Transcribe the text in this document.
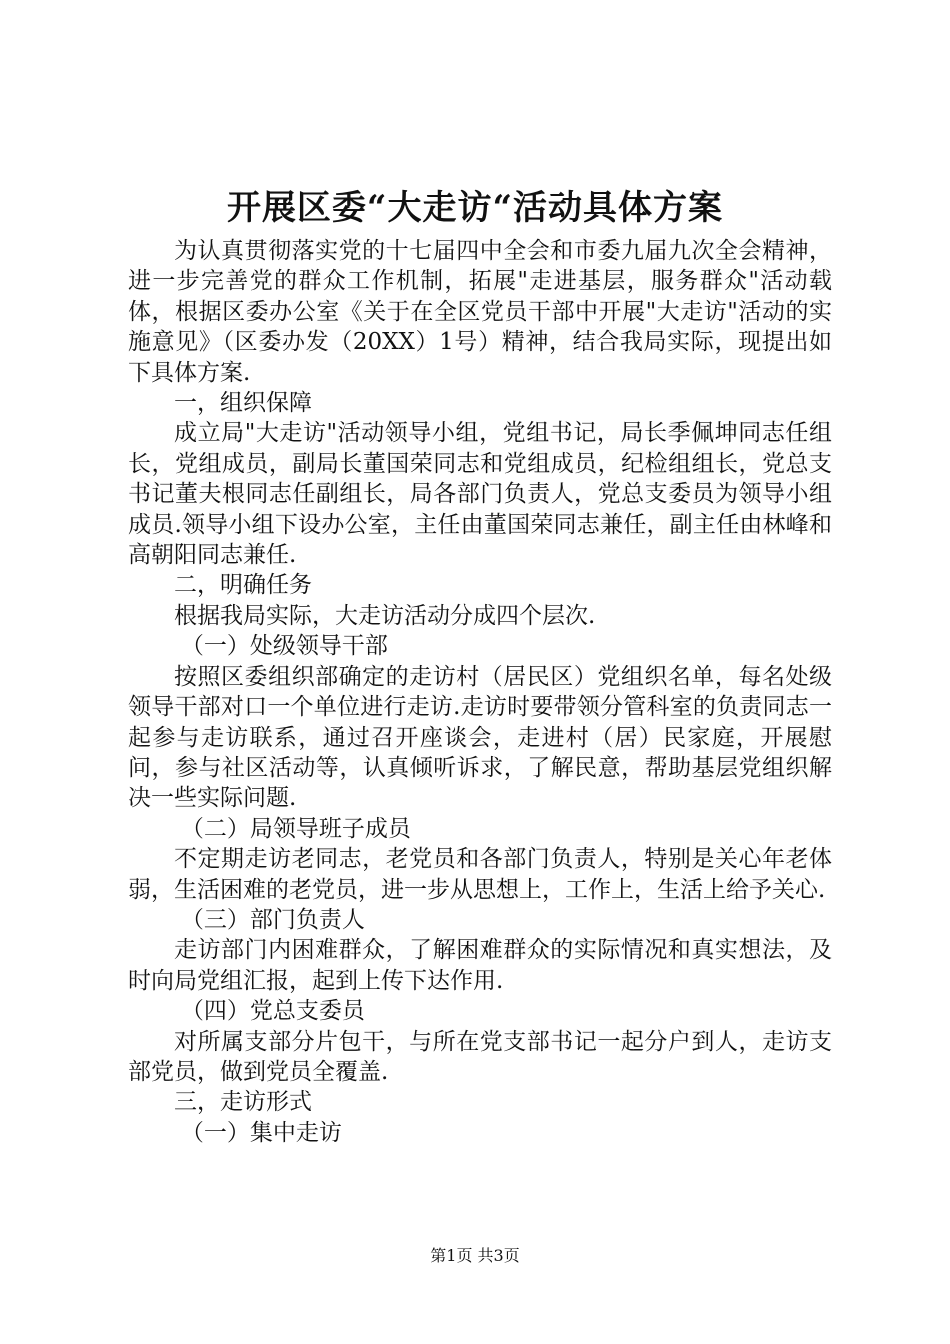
开展区委“大走访“活动具体方案

为认真贯彻落实党的十七届四中全会和市委九届九次全会精神，进一步完善党的群众工作机制，拓展"走进基层，服务群众"活动载体，根据区委办公室《关于在全区党员干部中开展"大走访"活动的实施意见》（区委办发（20XX）1号）精神，结合我局实际，现提出如下具体方案.

一，组织保障

成立局"大走访"活动领导小组，党组书记，局长季佩坤同志任组长，党组成员，副局长董国荣同志和党组成员，纪检组组长，党总支书记董夫根同志任副组长，局各部门负责人，党总支委员为领导小组成员.领导小组下设办公室，主任由董国荣同志兼任，副主任由林峰和高朝阳同志兼任.

二，明确任务

根据我局实际，大走访活动分成四个层次.

（一）处级领导干部

按照区委组织部确定的走访村（居民区）党组织名单，每名处级领导干部对口一个单位进行走访.走访时要带领分管科室的负责同志一起参与走访联系，通过召开座谈会，走进村（居）民家庭，开展慰问，参与社区活动等，认真倾听诉求，了解民意，帮助基层党组织解决一些实际问题.

（二）局领导班子成员

不定期走访老同志，老党员和各部门负责人，特别是关心年老体弱，生活困难的老党员，进一步从思想上，工作上，生活上给予关心.

（三）部门负责人

走访部门内困难群众，了解困难群众的实际情况和真实想法，及时向局党组汇报，起到上传下达作用.

（四）党总支委员

对所属支部分片包干，与所在党支部书记一起分户到人，走访支部党员，做到党员全覆盖.

三，走访形式

（一）集中走访

第1页 共3页
